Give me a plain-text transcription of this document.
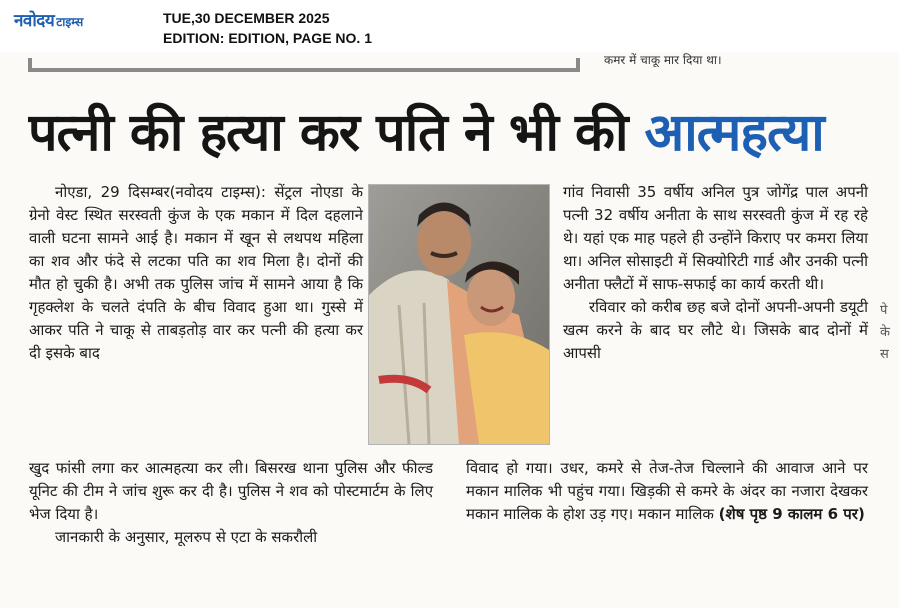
नवोदय टाइम्स	TUE,30 DECEMBER 2025
EDITION: EDITION, PAGE NO. 1
कमर में चाकू मार दिया था।
पत्नी की हत्या कर पति ने भी की आत्महत्या

नोएडा, 29 दिसम्बर(नवोदय टाइम्स): सेंट्रल नोएडा के ग्रेनो वेस्ट स्थित सरस्वती कुंज के एक मकान में दिल दहलाने वाली घटना सामने आई है। मकान में खून से लथपथ महिला का शव और फंदे से लटका पति का शव मिला है। दोनों की मौत हो चुकी है। अभी तक पुलिस जांच में सामने आया है कि गृहक्लेश के चलते दंपति के बीच विवाद हुआ था। गुस्से में आकर पति ने चाकू से ताबड़तोड़ वार कर पत्नी की हत्या कर दी इसके बाद

गांव निवासी 35 वर्षीय अनिल पुत्र जोगेंद्र पाल अपनी पत्नी 32 वर्षीय अनीता के साथ सरस्वती कुंज में रह रहे थे। यहां एक माह पहले ही उन्होंने किराए पर कमरा लिया था। अनिल सोसाइटी में सिक्योरिटी गार्ड और उनकी पत्नी अनीता फ्लैटों में साफ-सफाई का कार्य करती थी।

रविवार को करीब छह बजे दोनों अपनी-अपनी डयूटी खत्म करने के बाद घर लौटे थे। जिसके बाद दोनों में आपसी

खुद फांसी लगा कर आत्महत्या कर ली। बिसरख थाना पुलिस और फील्ड यूनिट की टीम ने जांच शुरू कर दी है। पुलिस ने शव को पोस्टमार्टम के लिए भेज दिया है।

जानकारी के अनुसार, मूलरुप से एटा के सकरौली

विवाद हो गया। उधर, कमरे से तेज-तेज चिल्लाने की आवाज आने पर मकान मालिक भी पहुंच गया। खिड़की से कमरे के अंदर का नजारा देखकर मकान मालिक के होश उड़ गए। मकान मालिक (शेष पृष्ठ 9 कालम 6 पर)
पे के स
